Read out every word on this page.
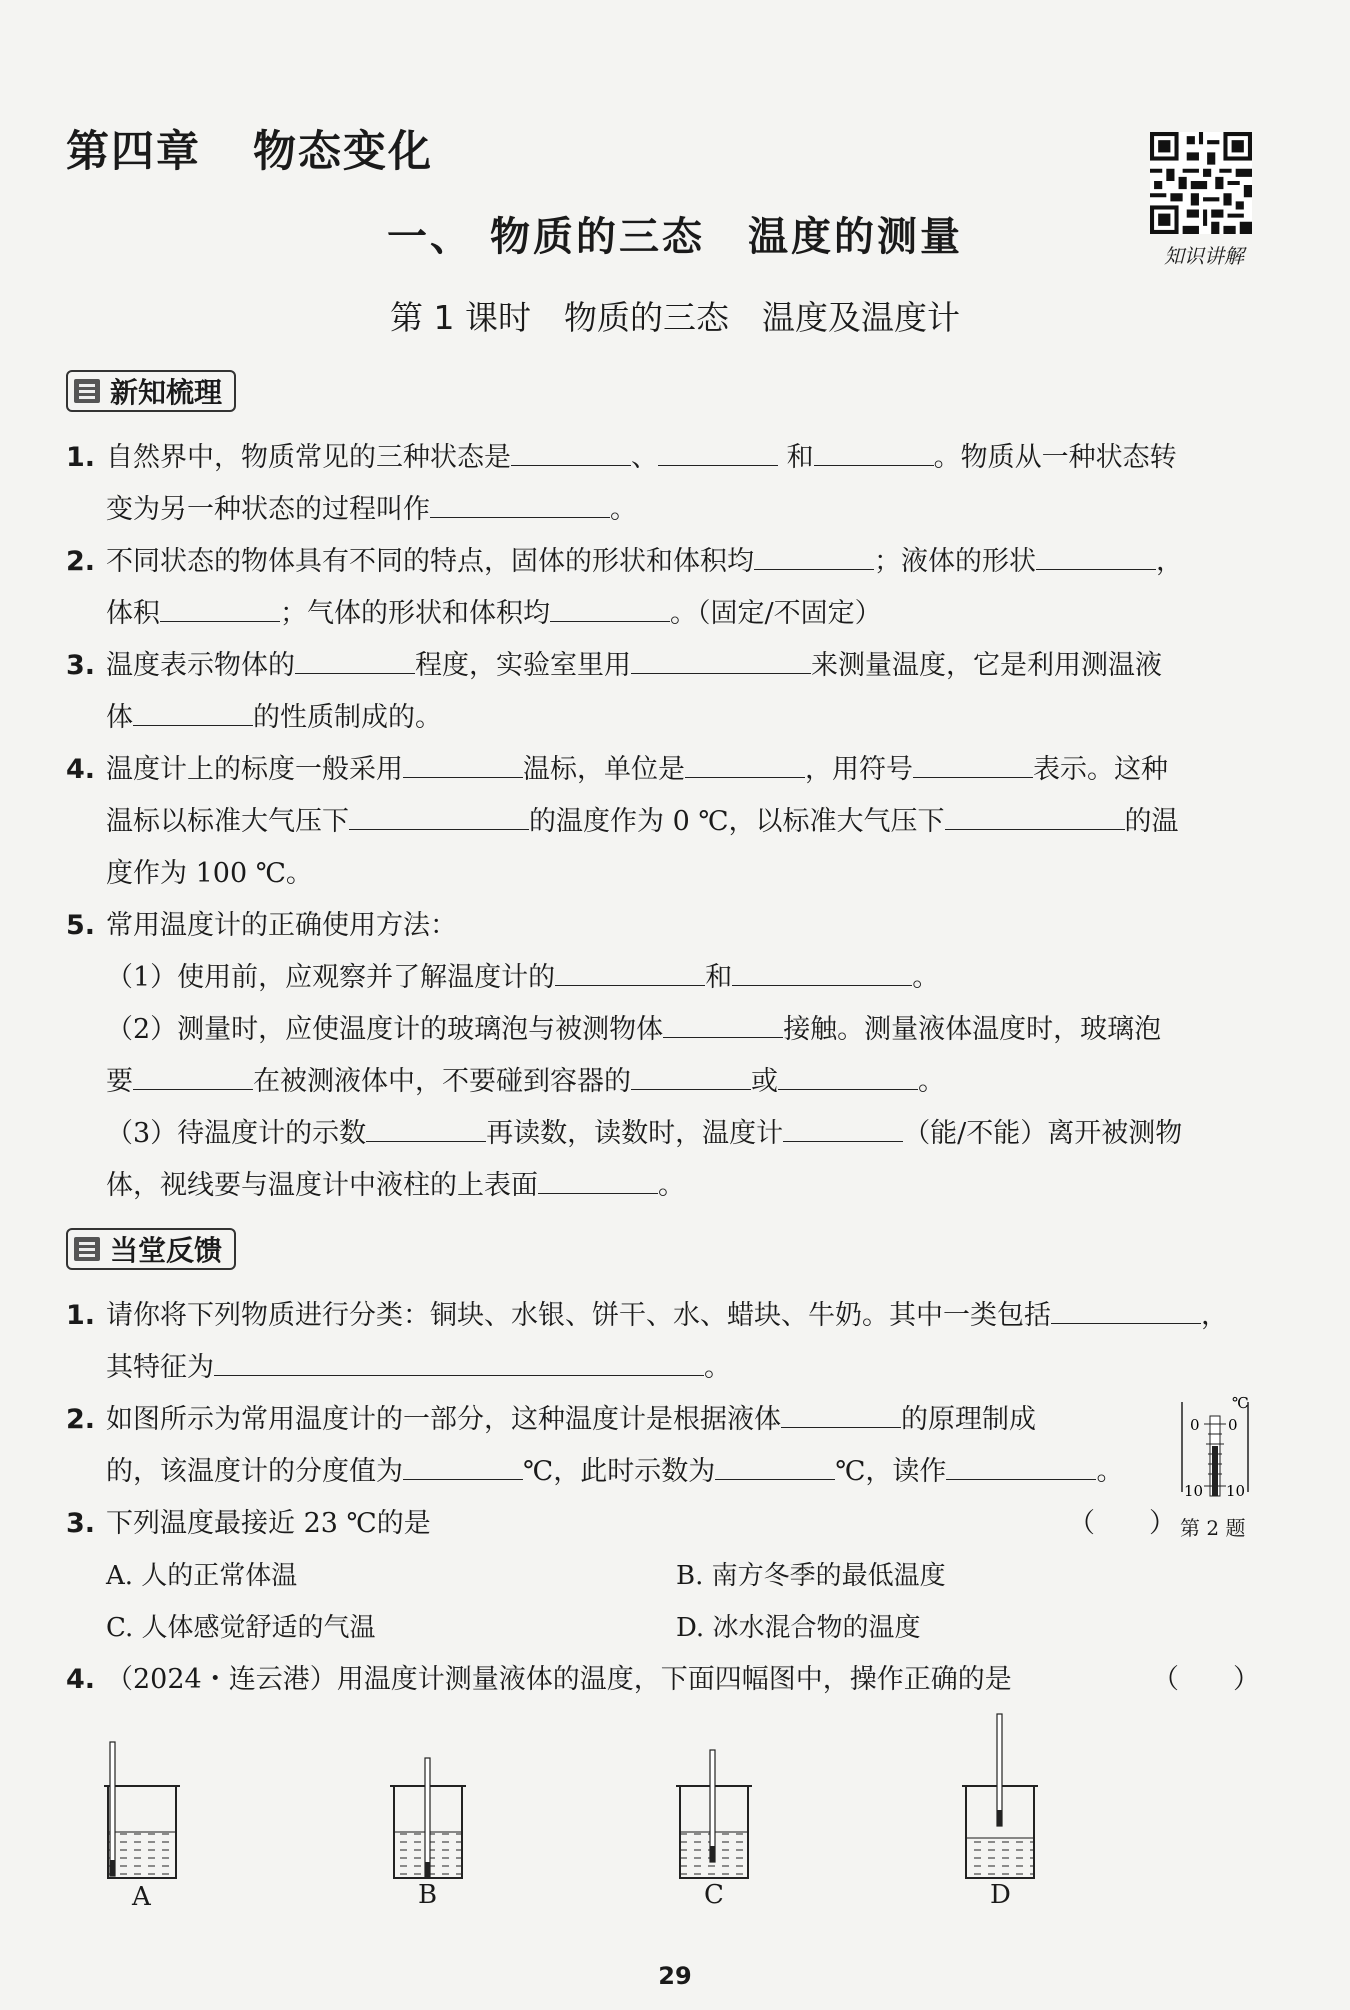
第四章 物态变化
知识讲解
一、 物质的三态　温度的测量
第 1 课时　物质的三态　温度及温度计
新知梳理
1. 自然界中，物质常见的三种状态是	、	和	。物质从一种状态转
变为另一种状态的过程叫作	。
2. 不同状态的物体具有不同的特点，固体的形状和体积均	；液体的形状	，
体积	；气体的形状和体积均	。（固定/不固定）
3. 温度表示物体的	程度，实验室里用	来测量温度，它是利用测温液
体	的性质制成的。
4. 温度计上的标度一般采用	温标，单位是	，用符号	表示。这种
温标以标准大气压下	的温度作为 0 ℃，以标准大气压下	的温
度作为 100 ℃。
5. 常用温度计的正确使用方法：
（1）使用前，应观察并了解温度计的	和	。
（2）测量时，应使温度计的玻璃泡与被测物体	接触。测量液体温度时，玻璃泡
要	在被测液体中，不要碰到容器的	或	。
（3）待温度计的示数	再读数，读数时，温度计	（能/不能）离开被测物
体，视线要与温度计中液柱的上表面	。
当堂反馈
1. 请你将下列物质进行分类：铜块、水银、饼干、水、蜡块、牛奶。其中一类包括	，
其特征为	。
2. 如图所示为常用温度计的一部分，这种温度计是根据液体	的原理制成
的，该温度计的分度值为	℃，此时示数为	℃，读作	。
℃
0 0
10 10
3. 下列温度最接近 23 ℃的是
A. 人的正常体温	B. 南方冬季的最低温度
C. 人体感觉舒适的气温	D. 冰水混合物的温度
（　　） 第 2 题
4. （2024・连云港）用温度计测量液体的温度，下面四幅图中，操作正确的是	（　　）
A	B	C	D
29
